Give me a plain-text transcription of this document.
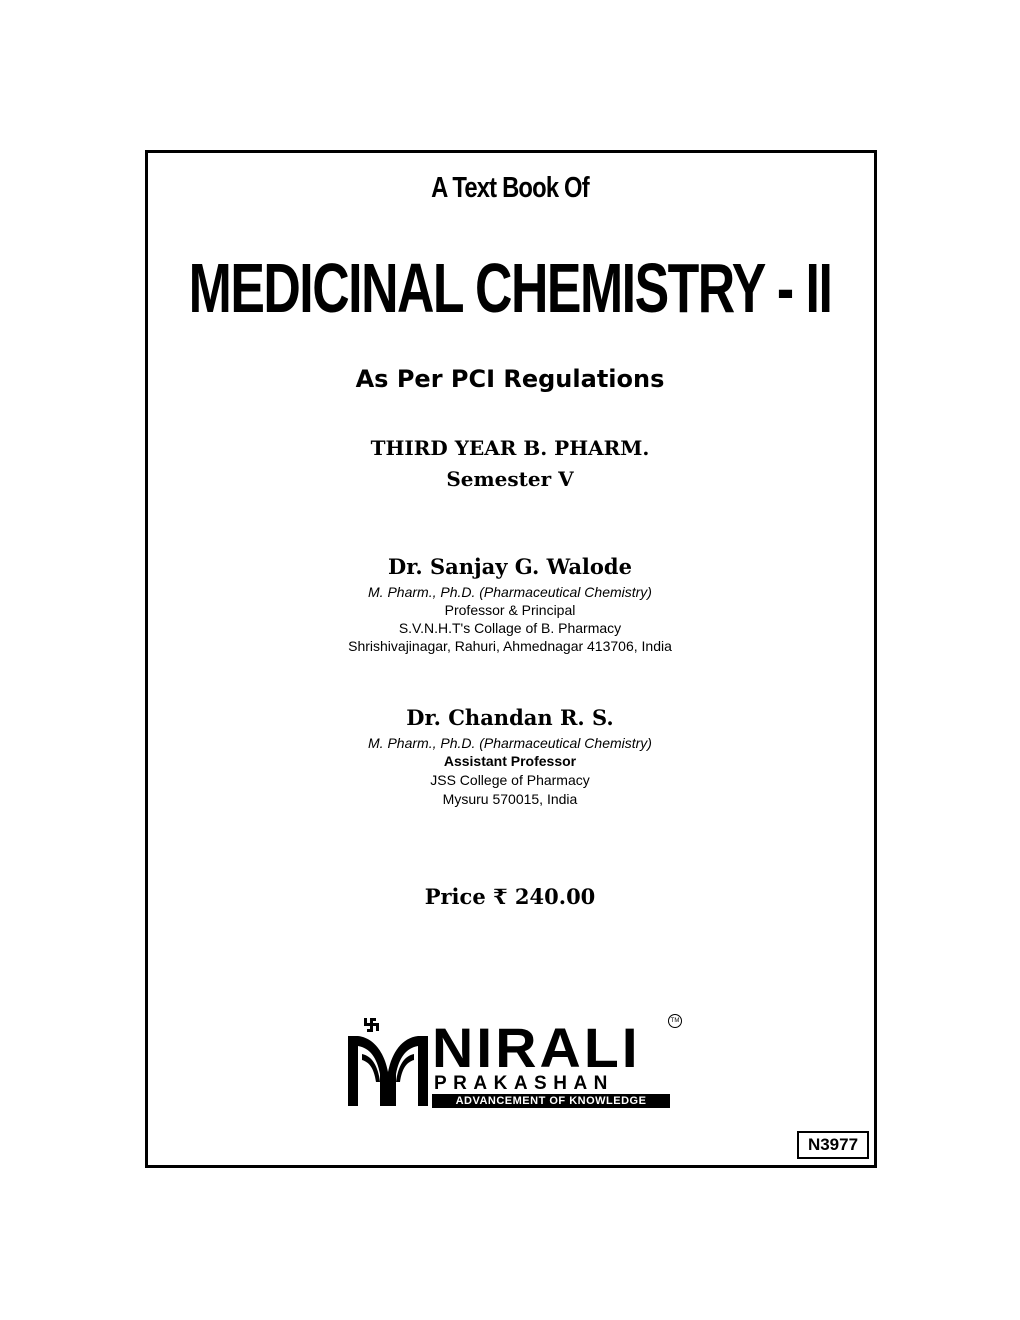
A Text Book Of
MEDICINAL CHEMISTRY - II
As Per PCI Regulations
THIRD YEAR B. PHARM.
Semester V
Dr. Sanjay G. Walode
M. Pharm., Ph.D. (Pharmaceutical Chemistry)
Professor & Principal
S.V.N.H.T's Collage of B. Pharmacy
Shrishivajinagar, Rahuri, Ahmednagar 413706, India
Dr. Chandan R. S.
M. Pharm., Ph.D. (Pharmaceutical Chemistry)
Assistant Professor
JSS College of Pharmacy
Mysuru 570015, India
Price ₹ 240.00
NIRALI	TM
PRAKASHAN
ADVANCEMENT OF KNOWLEDGE
N3977
